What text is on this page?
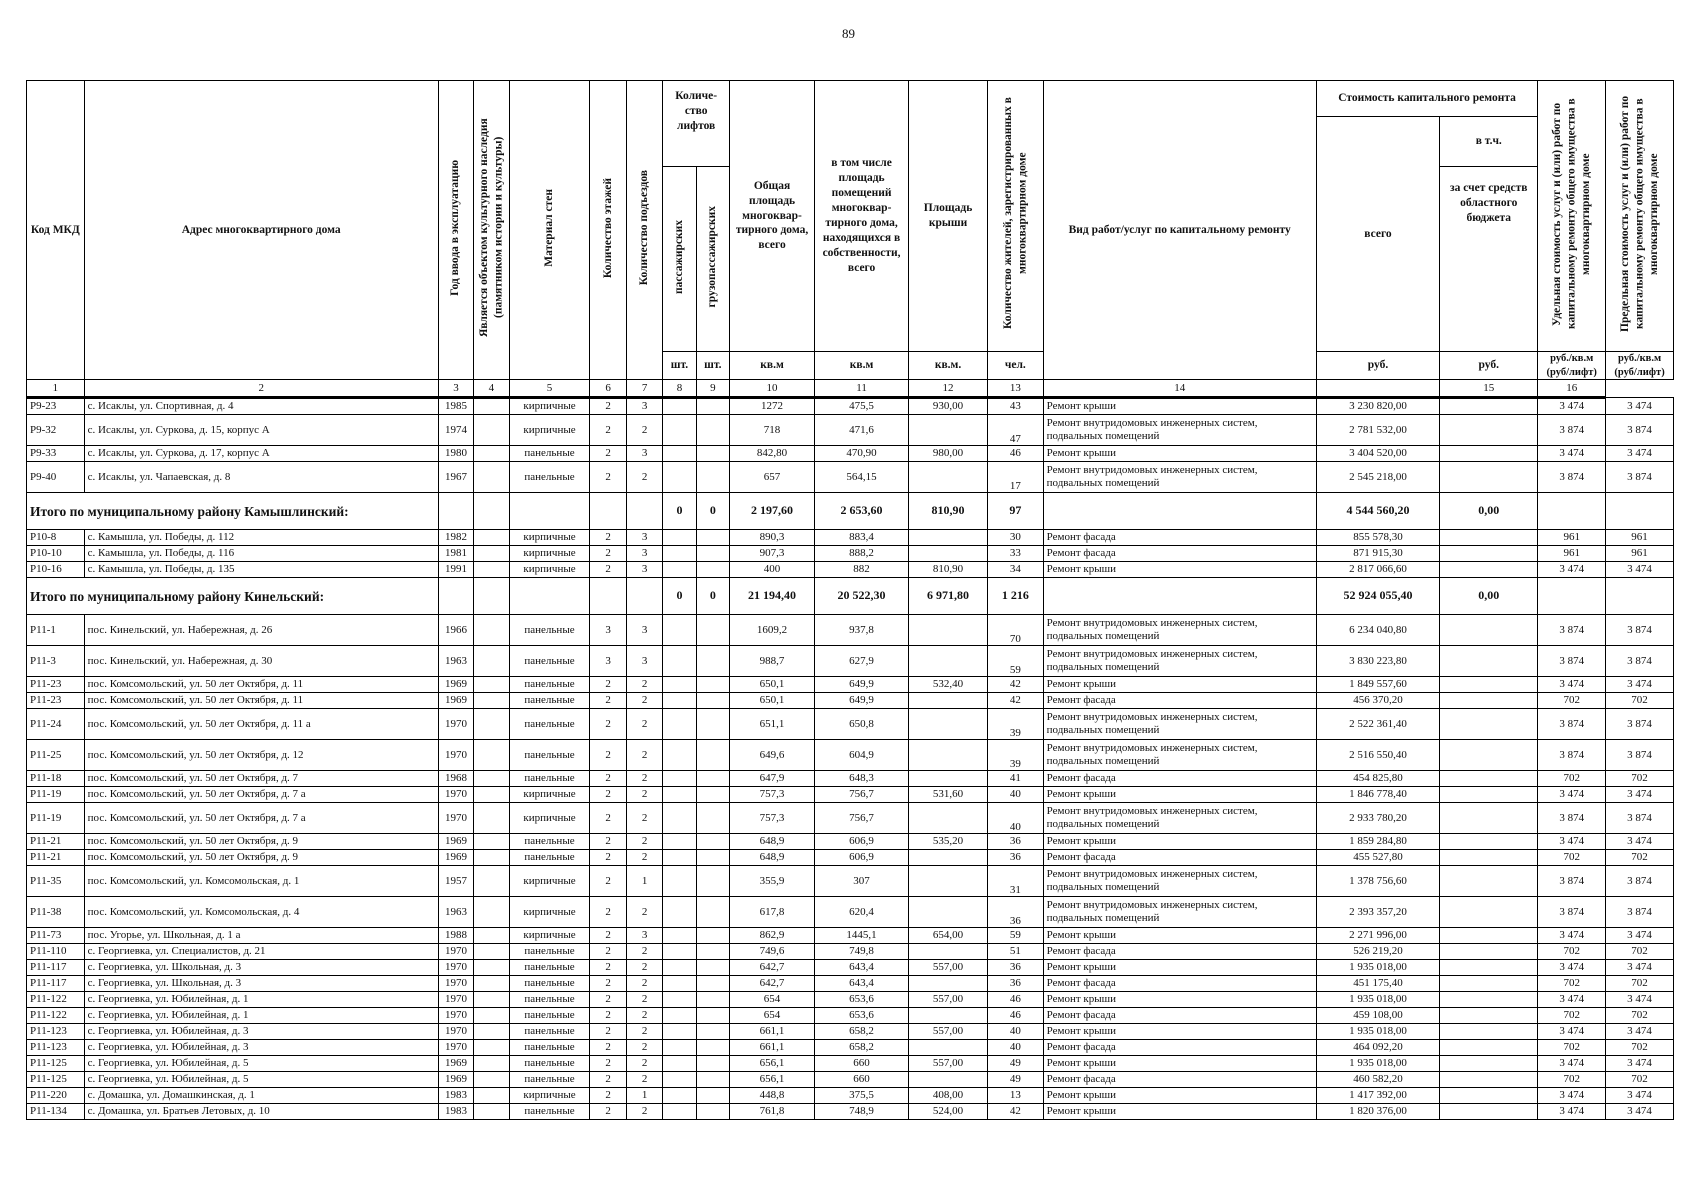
89
Код МКД	Адрес многоквартирного дома	Год ввода в эксплуатацию	Является объектом культурного наследия (памятником истории и культуры)	Материал стен	Количество этажей	Количество подъездов	Количе-ство лифтов		Общая площадь многоквар-тирного дома, всего	в том числе площадь помещений многоквар-тирного дома, находящихся в собственности, всего	Площадь крыши	Количество жителей, зарегистрированных в многоквартирном доме	Вид работ/услуг по капитальному ремонту	Стоимость капитального ремонта		Удельная стоимость услуг и (или) работ по капитальному ремонту общего имущества в многоквартирном доме	Предельная стоимость услуг и (или) работ по капитальному ремонту общего имущества в многоквартирном доме
														всего	в т.ч.		
							пассажирских	грузопассажирских							за счет средств областного бюджета		
							шт.	шт.	кв.м	кв.м	кв.м.	чел.		руб.	руб.	руб./кв.м (руб/лифт)	руб./кв.м (руб/лифт)
1	2	3	4	5	6	7	8	9	10	11	12	13	14		15	16	
Р9-23	с. Исаклы, ул. Спортивная, д. 4	1985		кирпичные	2	3			1272	475,5	930,00	43	Ремонт крыши	3 230 820,00		3 474	3 474
Р9-32	с. Исаклы, ул. Суркова, д. 15, корпус А	1974		кирпичные	2	2			718	471,6		47	Ремонт внутридомовых инженерных систем, подвальных помещений	2 781 532,00		3 874	3 874
Р9-33	с. Исаклы, ул. Суркова, д. 17, корпус А	1980		панельные	2	3			842,80	470,90	980,00	46	Ремонт крыши	3 404 520,00		3 474	3 474
Р9-40	с. Исаклы, ул. Чапаевская, д. 8	1967		панельные	2	2			657	564,15		17	Ремонт внутридомовых инженерных систем, подвальных помещений	2 545 218,00		3 874	3 874
Итого по муниципальному району Камышлинский:							0	0	2 197,60	2 653,60	810,90	97		4 544 560,20	0,00		
Р10-8	с. Камышла, ул. Победы, д. 112	1982		кирпичные	2	3			890,3	883,4		30	Ремонт фасада	855 578,30		961	961
Р10-10	с. Камышла, ул. Победы, д. 116	1981		кирпичные	2	3			907,3	888,2		33	Ремонт фасада	871 915,30		961	961
Р10-16	с. Камышла, ул. Победы, д. 135	1991		кирпичные	2	3			400	882	810,90	34	Ремонт крыши	2 817 066,60		3 474	3 474
Итого по муниципальному району Кинельский:							0	0	21 194,40	20 522,30	6 971,80	1 216		52 924 055,40	0,00		
Р11-1	пос. Кинельский, ул. Набережная, д. 26	1966		панельные	3	3			1609,2	937,8		70	Ремонт внутридомовых инженерных систем, подвальных помещений	6 234 040,80		3 874	3 874
Р11-3	пос. Кинельский, ул. Набережная, д. 30	1963		панельные	3	3			988,7	627,9		59	Ремонт внутридомовых инженерных систем, подвальных помещений	3 830 223,80		3 874	3 874
Р11-23	пос. Комсомольский, ул. 50 лет Октября, д. 11	1969		панельные	2	2			650,1	649,9	532,40	42	Ремонт крыши	1 849 557,60		3 474	3 474
Р11-23	пос. Комсомольский, ул. 50 лет Октября, д. 11	1969		панельные	2	2			650,1	649,9		42	Ремонт фасада	456 370,20		702	702
Р11-24	пос. Комсомольский, ул. 50 лет Октября, д. 11 а	1970		панельные	2	2			651,1	650,8		39	Ремонт внутридомовых инженерных систем, подвальных помещений	2 522 361,40		3 874	3 874
Р11-25	пос. Комсомольский, ул. 50 лет Октября, д. 12	1970		панельные	2	2			649,6	604,9		39	Ремонт внутридомовых инженерных систем, подвальных помещений	2 516 550,40		3 874	3 874
Р11-18	пос. Комсомольский, ул. 50 лет Октября, д. 7	1968		панельные	2	2			647,9	648,3		41	Ремонт фасада	454 825,80		702	702
Р11-19	пос. Комсомольский, ул. 50 лет Октября, д. 7 а	1970		кирпичные	2	2			757,3	756,7	531,60	40	Ремонт крыши	1 846 778,40		3 474	3 474
Р11-19	пос. Комсомольский, ул. 50 лет Октября, д. 7 а	1970		кирпичные	2	2			757,3	756,7		40	Ремонт внутридомовых инженерных систем, подвальных помещений	2 933 780,20		3 874	3 874
Р11-21	пос. Комсомольский, ул. 50 лет Октября, д. 9	1969		панельные	2	2			648,9	606,9	535,20	36	Ремонт крыши	1 859 284,80		3 474	3 474
Р11-21	пос. Комсомольский, ул. 50 лет Октября, д. 9	1969		панельные	2	2			648,9	606,9		36	Ремонт фасада	455 527,80		702	702
Р11-35	пос. Комсомольский, ул. Комсомольская, д. 1	1957		кирпичные	2	1			355,9	307		31	Ремонт внутридомовых инженерных систем, подвальных помещений	1 378 756,60		3 874	3 874
Р11-38	пос. Комсомольский, ул. Комсомольская, д. 4	1963		кирпичные	2	2			617,8	620,4		36	Ремонт внутридомовых инженерных систем, подвальных помещений	2 393 357,20		3 874	3 874
Р11-73	пос. Угорье, ул. Школьная, д. 1 а	1988		кирпичные	2	3			862,9	1445,1	654,00	59	Ремонт крыши	2 271 996,00		3 474	3 474
Р11-110	с. Георгиевка, ул. Специалистов, д. 21	1970		панельные	2	2			749,6	749,8		51	Ремонт фасада	526 219,20		702	702
Р11-117	с. Георгиевка, ул. Школьная, д. 3	1970		панельные	2	2			642,7	643,4	557,00	36	Ремонт крыши	1 935 018,00		3 474	3 474
Р11-117	с. Георгиевка, ул. Школьная, д. 3	1970		панельные	2	2			642,7	643,4		36	Ремонт фасада	451 175,40		702	702
Р11-122	с. Георгиевка, ул. Юбилейная, д. 1	1970		панельные	2	2			654	653,6	557,00	46	Ремонт крыши	1 935 018,00		3 474	3 474
Р11-122	с. Георгиевка, ул. Юбилейная, д. 1	1970		панельные	2	2			654	653,6		46	Ремонт фасада	459 108,00		702	702
Р11-123	с. Георгиевка, ул. Юбилейная, д. 3	1970		панельные	2	2			661,1	658,2	557,00	40	Ремонт крыши	1 935 018,00		3 474	3 474
Р11-123	с. Георгиевка, ул. Юбилейная, д. 3	1970		панельные	2	2			661,1	658,2		40	Ремонт фасада	464 092,20		702	702
Р11-125	с. Георгиевка, ул. Юбилейная, д. 5	1969		панельные	2	2			656,1	660	557,00	49	Ремонт крыши	1 935 018,00		3 474	3 474
Р11-125	с. Георгиевка, ул. Юбилейная, д. 5	1969		панельные	2	2			656,1	660		49	Ремонт фасада	460 582,20		702	702
Р11-220	с. Домашка, ул. Домашкинская, д. 1	1983		кирпичные	2	1			448,8	375,5	408,00	13	Ремонт крыши	1 417 392,00		3 474	3 474
Р11-134	с. Домашка, ул. Братьев Летовых, д. 10	1983		панельные	2	2			761,8	748,9	524,00	42	Ремонт крыши	1 820 376,00		3 474	3 474
